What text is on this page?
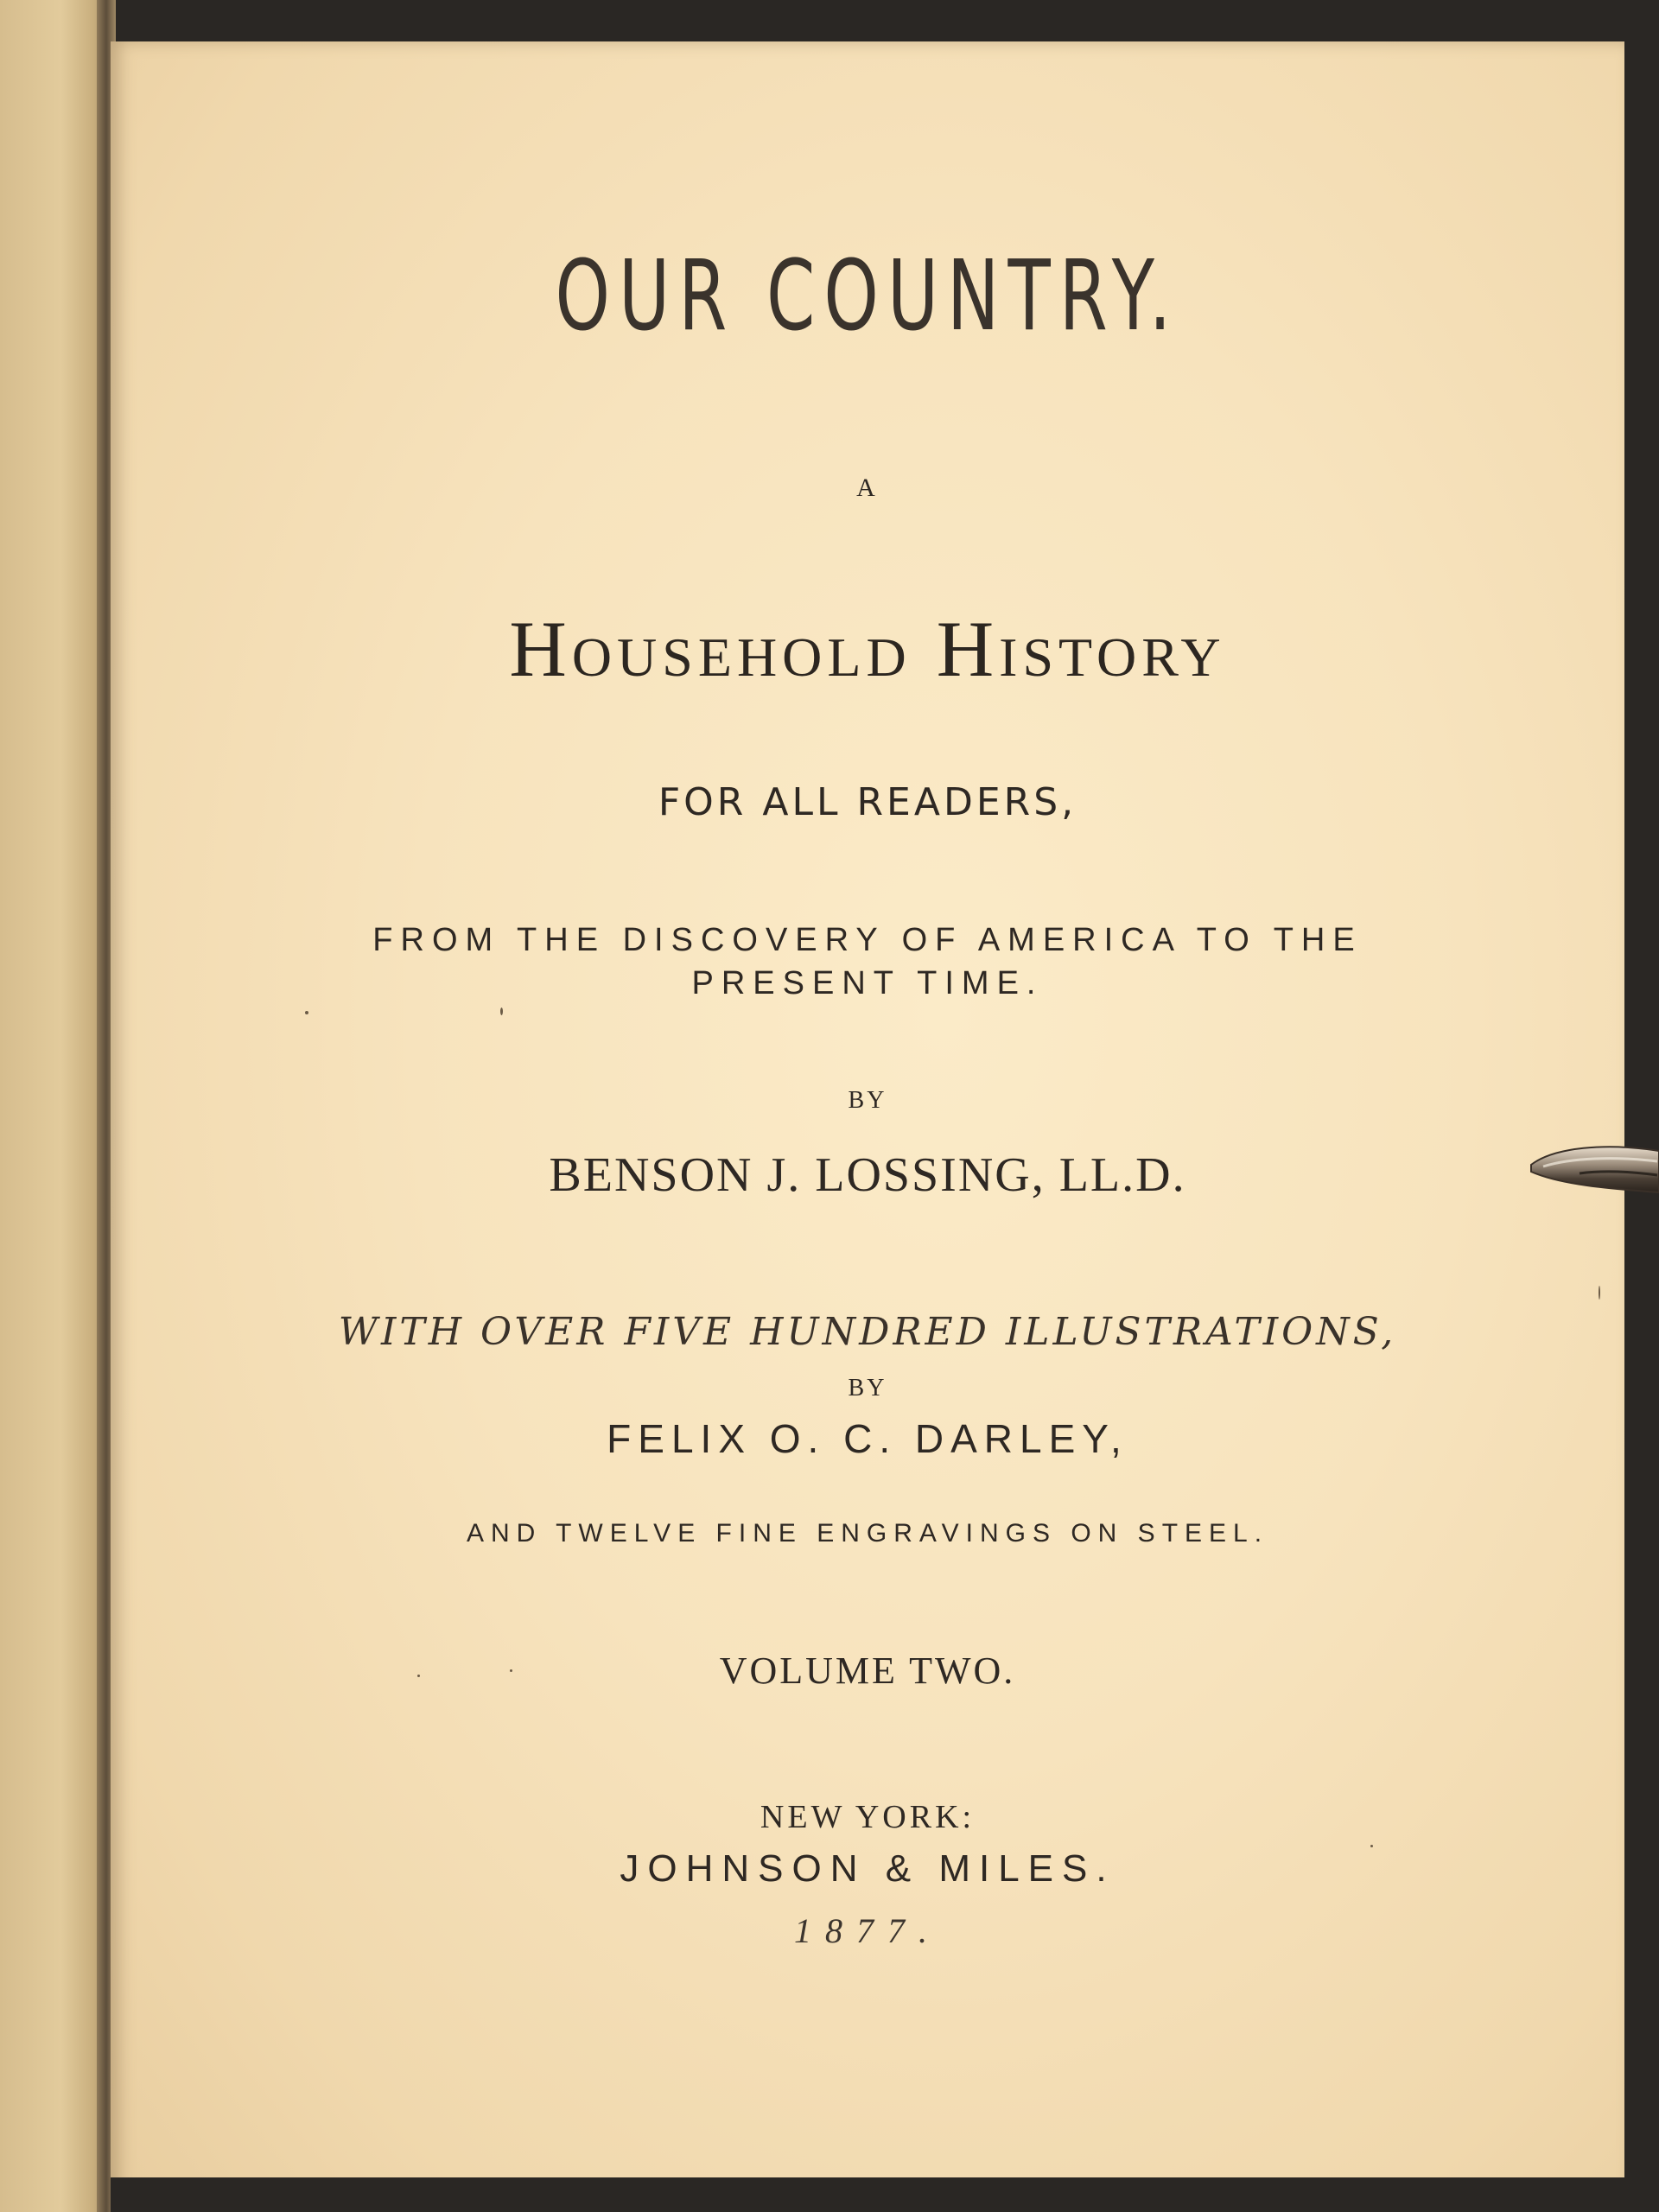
OUR COUNTRY.
A
Household History
FOR ALL READERS,
FROM THE DISCOVERY OF AMERICA TO THE
PRESENT TIME.
BY
BENSON J. LOSSING, LL.D.
WITH OVER FIVE HUNDRED ILLUSTRATIONS,
BY
FELIX O. C. DARLEY,
AND TWELVE FINE ENGRAVINGS ON STEEL.
VOLUME TWO.
NEW YORK:
JOHNSON & MILES.
1877.
